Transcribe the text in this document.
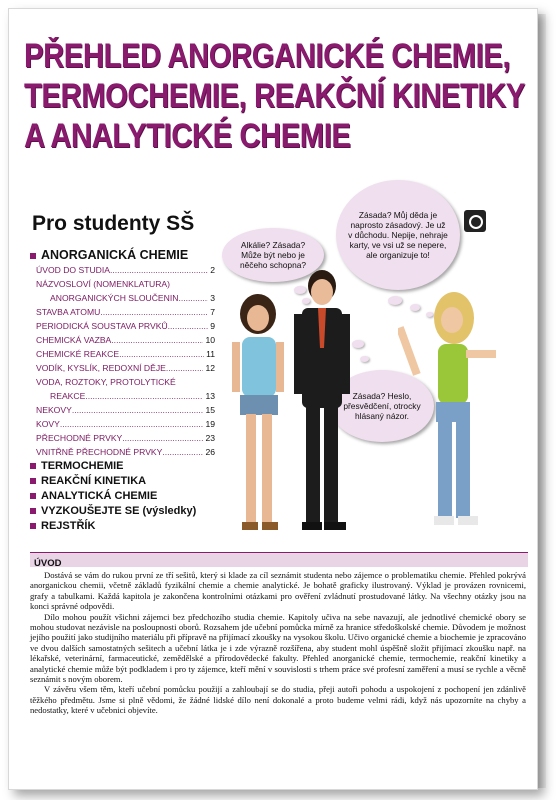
PŘEHLED ANORGANICKÉ CHEMIE,
TERMOCHEMIE, REAKČNÍ KINETIKY
A ANALYTICKÉ CHEMIE
Pro studenty SŠ
ANORGANICKÁ CHEMIE
ÚVOD DO STUDIA .....	2
NÁZVOSLOVÍ (NOMENKLATURA)
ANORGANICKÝCH SLOUČENIN .....	3
STAVBA ATOMU .....	7
PERIODICKÁ SOUSTAVA PRVKŮ .....	9
CHEMICKÁ VAZBA .....	10
CHEMICKÉ REAKCE .....	11
VODÍK, KYSLÍK, REDOXNÍ DĚJE .....	12
VODA, ROZTOKY, PROTOLYTICKÉ
REAKCE .....	13
NEKOVY .....	15
KOVY .....	19
PŘECHODNÉ PRVKY .....	23
VNITŘNĚ PŘECHODNÉ PRVKY .....	26
TERMOCHEMIE
REAKČNÍ KINETIKA
ANALYTICKÁ CHEMIE
VYZKOUŠEJTE SE (výsledky)
REJSTŘÍK
Alkálie? Zásada? Může být nebo je něčeho schopna?
Zásada? Můj děda je naprosto zásadový. Je už v důchodu. Nepije, nehraje karty, ve vsi už se nepere, ale organizuje to!
Zásada? Heslo, přesvědčení, otrocky hlásaný názor.
ÚVOD

Dostává se vám do rukou první ze tří sešitů, který si klade za cíl seznámit studenta nebo zájemce o problematiku chemie. Přehled pokrývá anorganickou chemii, včetně základů fyzikální chemie a chemie analytické. Je bohatě graficky ilustrovaný. Výklad je provázen rovnicemi, grafy a tabulkami. Každá kapitola je zakončena kontrolními otázkami pro ověření zvládnutí prostudované látky. Na všechny otázky jsou na konci správné odpovědi.

Dílo mohou použít všichni zájemci bez předchozího studia chemie. Kapitoly učiva na sebe navazují, ale jednotlivé chemické obory se mohou studovat nezávisle na posloupnosti oborů. Rozsahem jde učební pomůcka mírně za hranice středoškolské chemie. Důvodem je možnost jejího použití jako studijního materiálu při přípravě na přijímací zkoušky na vysokou školu. Učivo organické chemie a biochemie je zpracováno ve dvou dalších samostatných sešitech a učební látka je i zde výrazně rozšířena, aby student mohl úspěšně složit přijímací zkoušku např. na lékařské, veterinární, farmaceutické, zemědělské a přírodovědecké fakulty. Přehled anorganické chemie, termochemie, reakční kinetiky a analytické chemie může být podkladem i pro ty zájemce, kteří mění v souvislosti s trhem práce své profesní zaměření a musí se rychle a věcně seznámit s novým oborem.

V závěru všem těm, kteří učební pomůcku použijí a zahloubají se do studia, přeji autoři pohodu a uspokojení z pochopení jen zdánlivě těžkého předmětu. Jsme si plně vědomi, že žádné lidské dílo není dokonalé a proto budeme velmi rádi, když nás upozorníte na chyby a nedostatky, které v učebnici objevíte.
